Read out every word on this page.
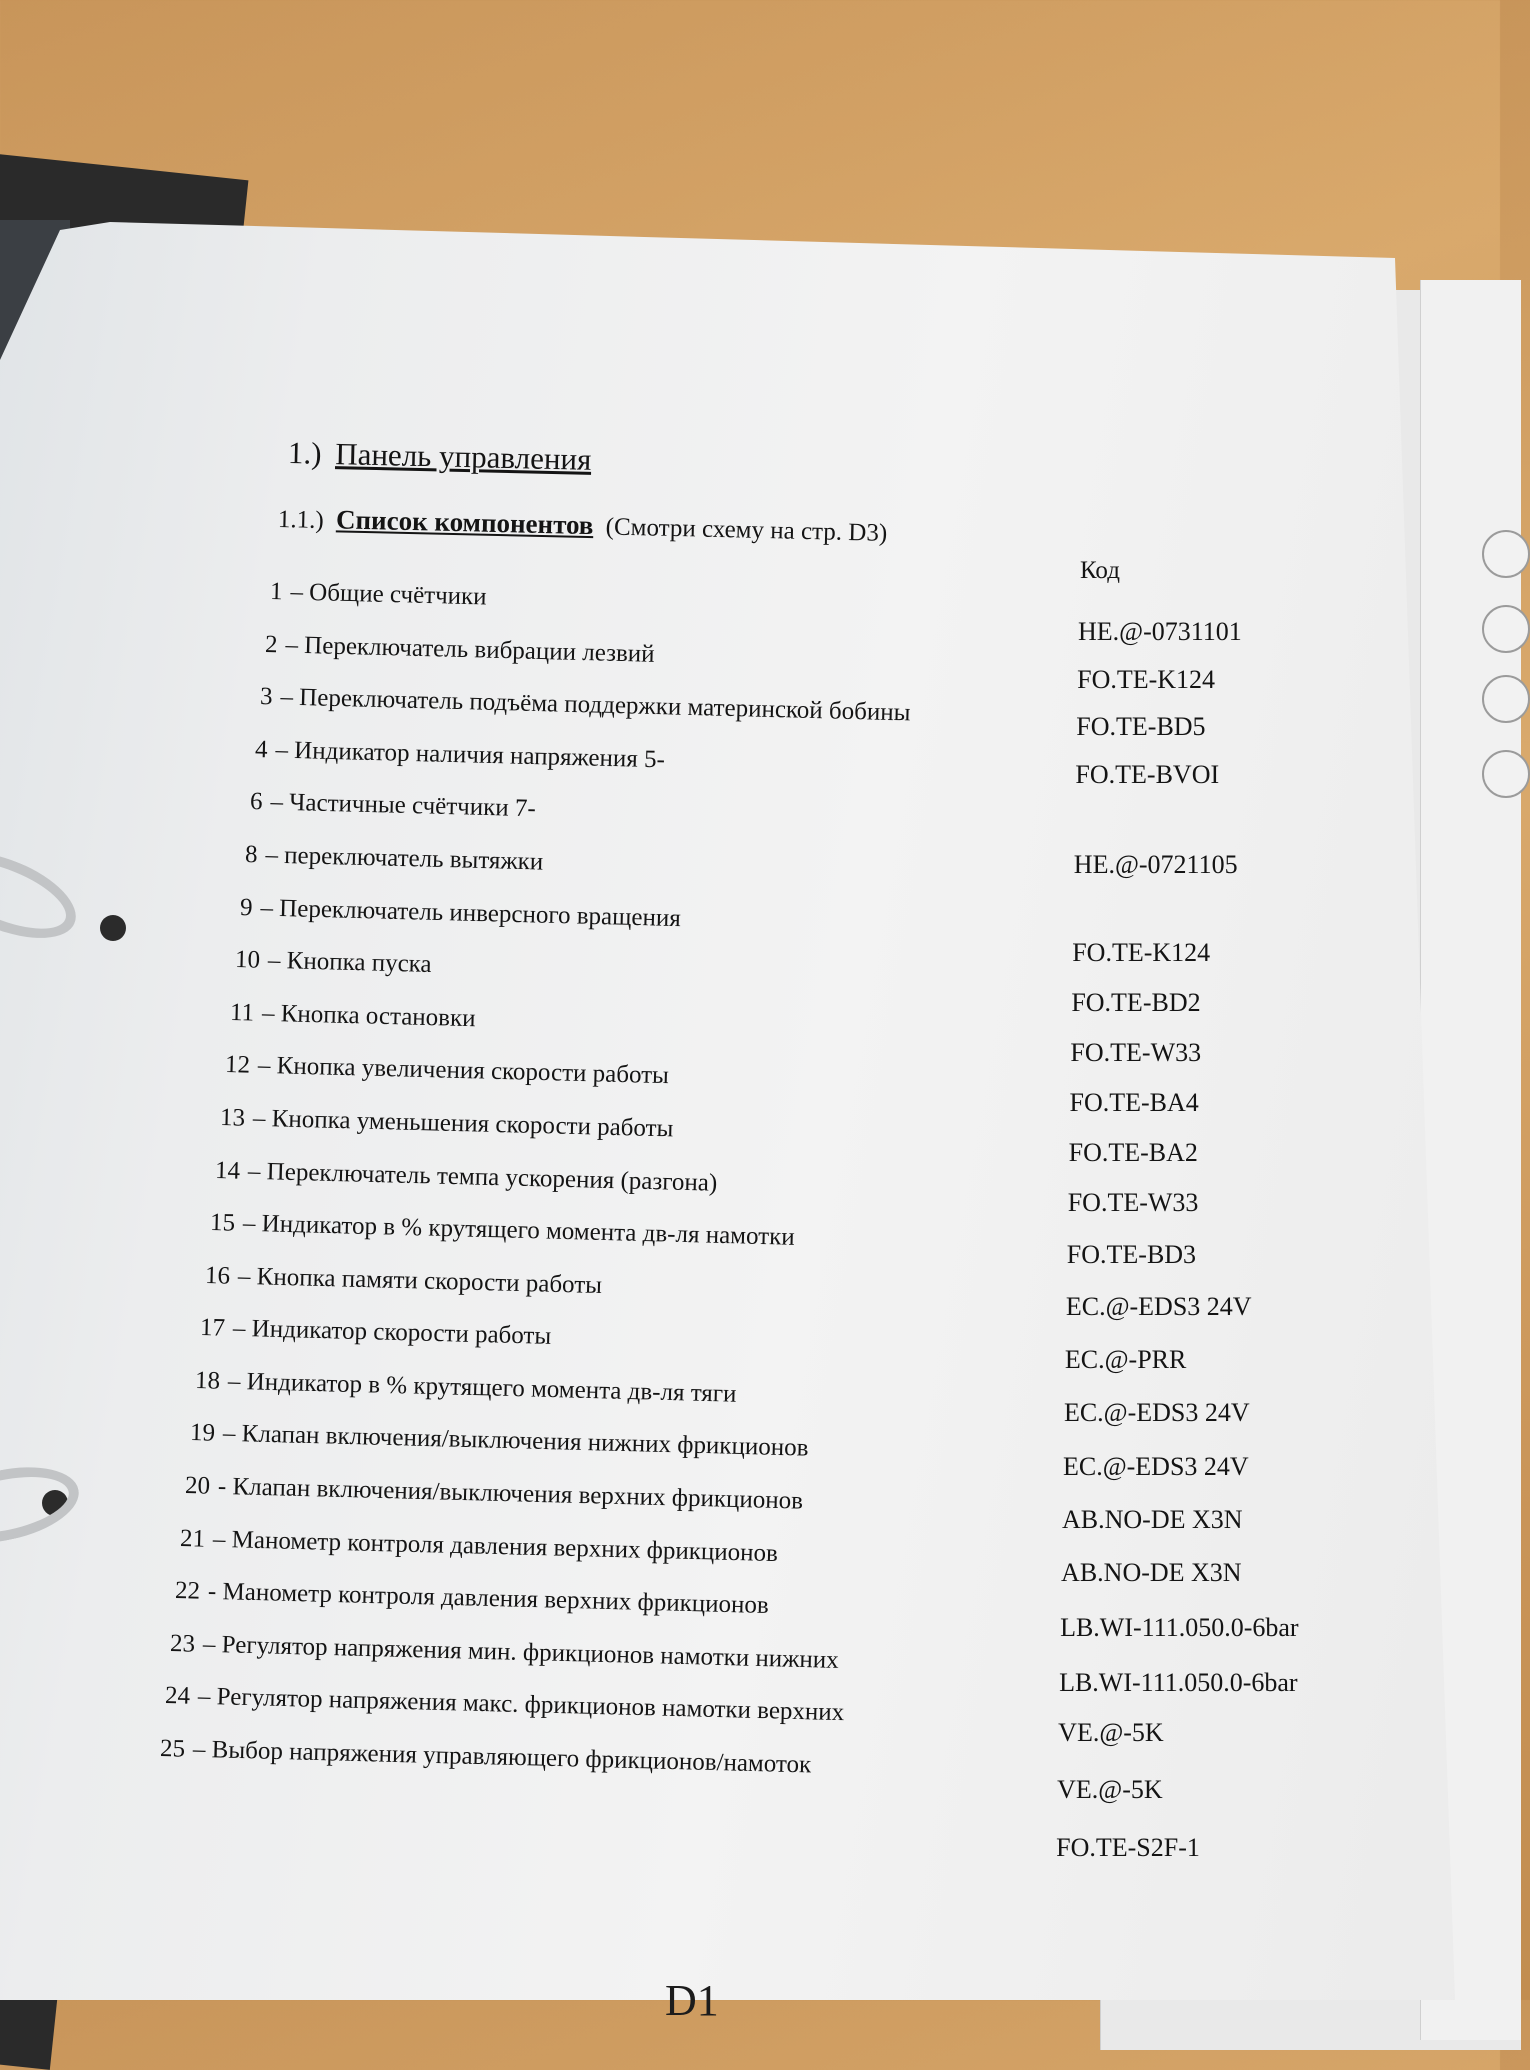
1.) Панель управления
1.1.) Список компонентов (Смотри схему на стр. D3)
Код
1 – Общие счётчики
2 – Переключатель вибрации лезвий
3 – Переключатель подъёма поддержки материнской бобины
4 – Индикатор наличия напряжения 5-
6 – Частичные счётчики 7-
8 – переключатель вытяжки
9 – Переключатель инверсного вращения
10 – Кнопка пуска
11 – Кнопка остановки
12 – Кнопка увеличения скорости работы
13 – Кнопка уменьшения скорости работы
14 – Переключатель темпа ускорения (разгона)
15 – Индикатор в % крутящего момента дв-ля намотки
16 – Кнопка памяти скорости работы
17 – Индикатор скорости работы
18 – Индикатор в % крутящего момента дв-ля тяги
19 – Клапан включения/выключения нижних фрикционов
20 - Клапан включения/выключения верхних фрикционов
21 – Манометр контроля давления верхних фрикционов
22 - Манометр контроля давления верхних фрикционов
23 – Регулятор напряжения мин. фрикционов намотки нижних
24 – Регулятор напряжения макс. фрикционов намотки верхних
25 – Выбор напряжения управляющего фрикционов/намоток
HE.@-0731101
FO.TE-K124
FO.TE-BD5
FO.TE-BVOI
HE.@-0721105
FO.TE-K124
FO.TE-BD2
FO.TE-W33
FO.TE-BA4
FO.TE-BA2
FO.TE-W33
FO.TE-BD3
EC.@-EDS3 24V
EC.@-PRR
EC.@-EDS3 24V
EC.@-EDS3 24V
AB.NO-DE X3N
AB.NO-DE X3N
LB.WI-111.050.0-6bar
LB.WI-111.050.0-6bar
VE.@-5K
VE.@-5K
FO.TE-S2F-1
D1
